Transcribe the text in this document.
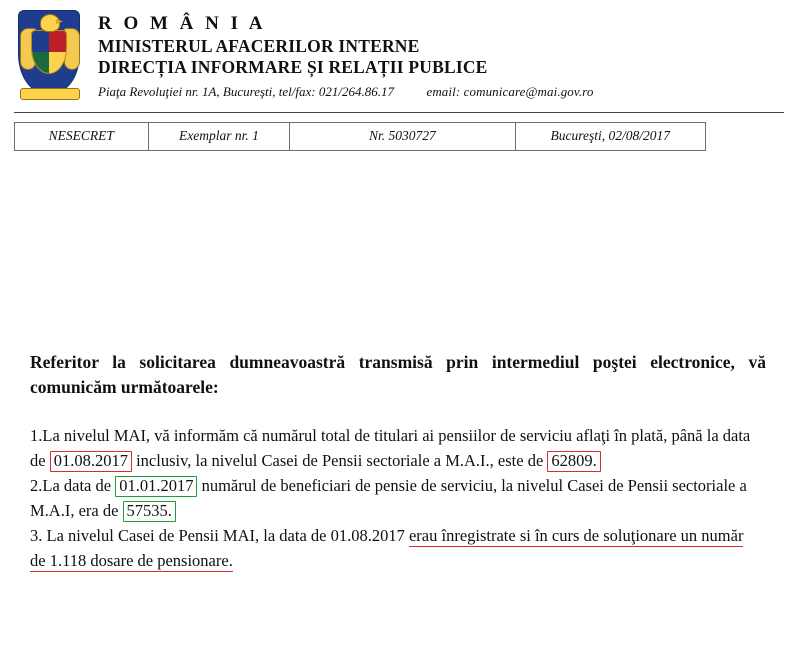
R O M Â N I A
MINISTERUL AFACERILOR INTERNE
DIRECȚIA INFORMARE ȘI RELAȚII PUBLICE
Piaţa Revoluţiei nr. 1A, Bucureşti, tel/fax: 021/264.86.17	email: comunicare@mai.gov.ro
NESECRET	Exemplar nr. 1	Nr. 5030727	Bucureşti, 02/08/2017

Referitor la solicitarea dumneavoastră transmisă prin intermediul poştei electronice, vă comunicăm următoarele:

1.La nivelul MAI, vă informăm că numărul total de titulari ai pensiilor de serviciu aflaţi în plată, până la data de 01.08.2017 inclusiv, la nivelul Casei de Pensii sectoriale a M.A.I., este de 62809.

2.La data de 01.01.2017 numărul de beneficiari de pensie de serviciu, la nivelul Casei de Pensii sectoriale a M.A.I, era de 57535.

3. La nivelul Casei de Pensii MAI, la data de 01.08.2017 erau înregistrate si în curs de soluţionare un număr de 1.118 dosare de pensionare.
